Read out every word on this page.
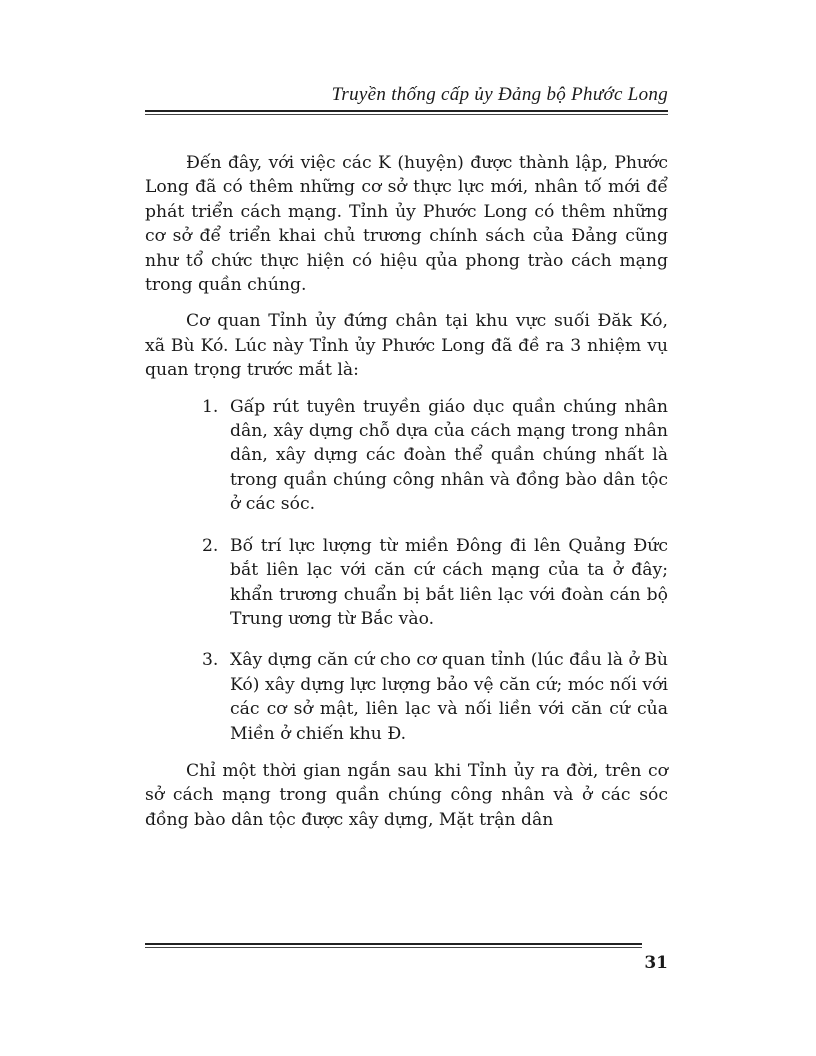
Truyền thống cấp ủy Đảng bộ Phước Long

Đến đây, với việc các K (huyện) được thành lập, Phước Long đã có thêm những cơ sở thực lực mới, nhân tố mới để phát triển cách mạng. Tỉnh ủy Phước Long có thêm những cơ sở để triển khai chủ trương chính sách của Đảng cũng như tổ chức thực hiện có hiệu qủa phong trào cách mạng trong quần chúng.

Cơ quan Tỉnh ủy đứng chân tại khu vực suối Đăk Kó, xã Bù Kó. Lúc này Tỉnh ủy Phước Long đã đề ra 3 nhiệm vụ quan trọng trước mắt là:

1. Gấp rút tuyên truyền giáo dục quần chúng nhân dân, xây dựng chỗ dựa của cách mạng trong nhân dân, xây dựng các đoàn thể quần chúng nhất là trong quần chúng công nhân và đồng bào dân tộc ở các sóc.
2. Bố trí lực lượng từ miền Đông đi lên Quảng Đức bắt liên lạc với căn cứ cách mạng của ta ở đây; khẩn trương chuẩn bị bắt liên lạc với đoàn cán bộ Trung ương từ Bắc vào.
3. Xây dựng căn cứ cho cơ quan tỉnh (lúc đầu là ở Bù Kó) xây dựng lực lượng bảo vệ căn cứ; móc nối với các cơ sở mật, liên lạc và nối liền với căn cứ của Miền ở chiến khu Đ.

Chỉ một thời gian ngắn sau khi Tỉnh ủy ra đời, trên cơ sở cách mạng trong quần chúng công nhân và ở các sóc đồng bào dân tộc được xây dựng, Mặt trận dân

31
